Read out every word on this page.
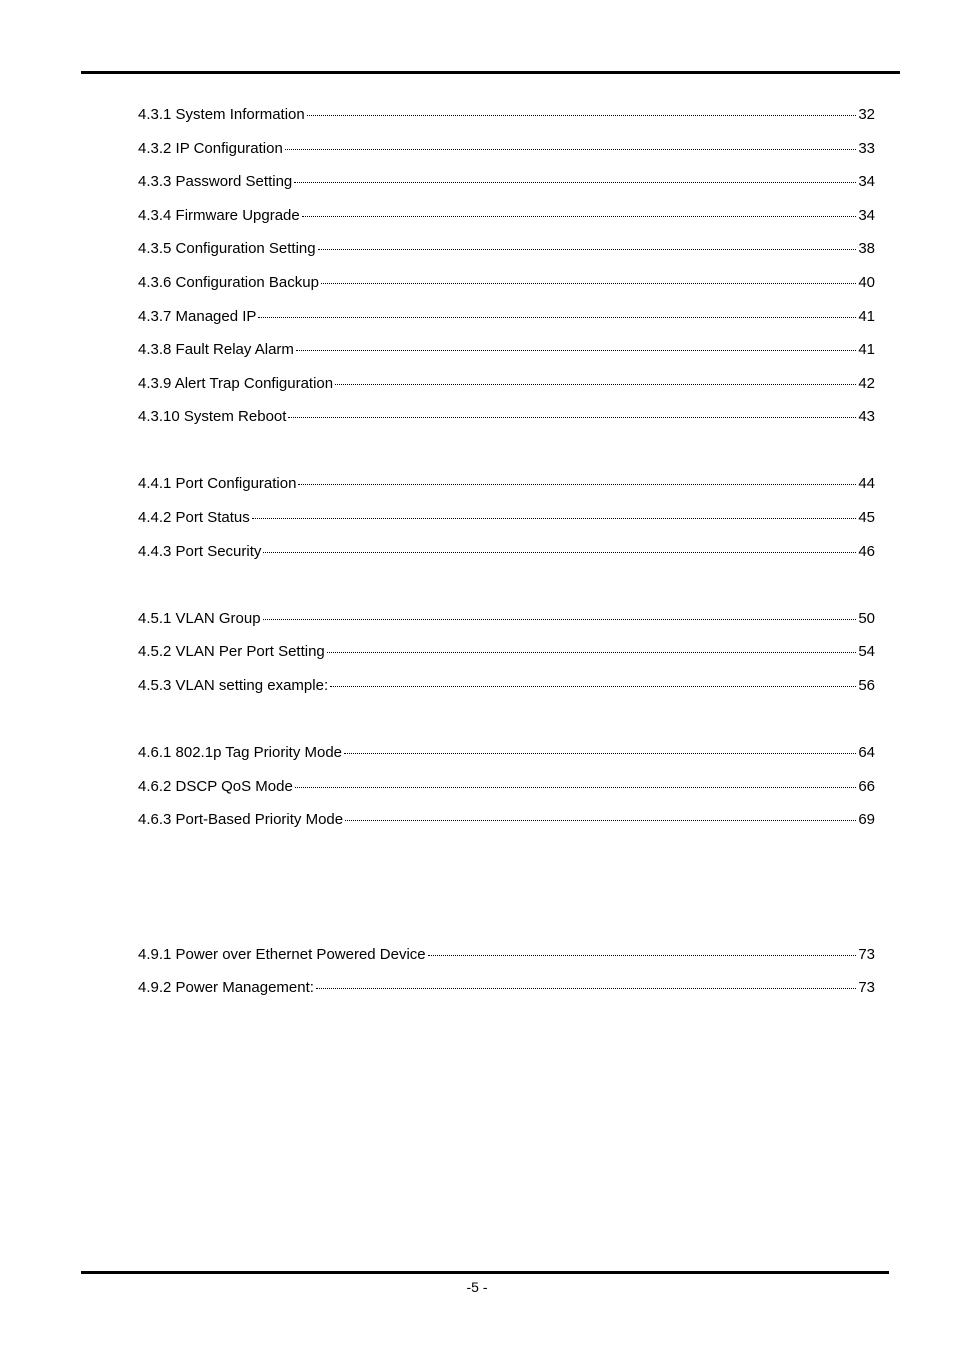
4.3.1 System Information	32
4.3.2 IP Configuration	33
4.3.3 Password Setting	34
4.3.4 Firmware Upgrade	34
4.3.5 Configuration Setting	38
4.3.6 Configuration Backup	40
4.3.7 Managed IP	41
4.3.8 Fault Relay Alarm	41
4.3.9 Alert Trap Configuration	42
4.3.10 System Reboot	43
4.4.1 Port Configuration	44
4.4.2 Port Status	45
4.4.3 Port Security	46
4.5.1 VLAN Group	50
4.5.2 VLAN Per Port Setting	54
4.5.3 VLAN setting example:	56
4.6.1 802.1p Tag Priority Mode	64
4.6.2 DSCP QoS Mode	66
4.6.3 Port-Based Priority Mode	69
4.9.1 Power over Ethernet Powered Device	73
4.9.2 Power Management:	73
-5 -
